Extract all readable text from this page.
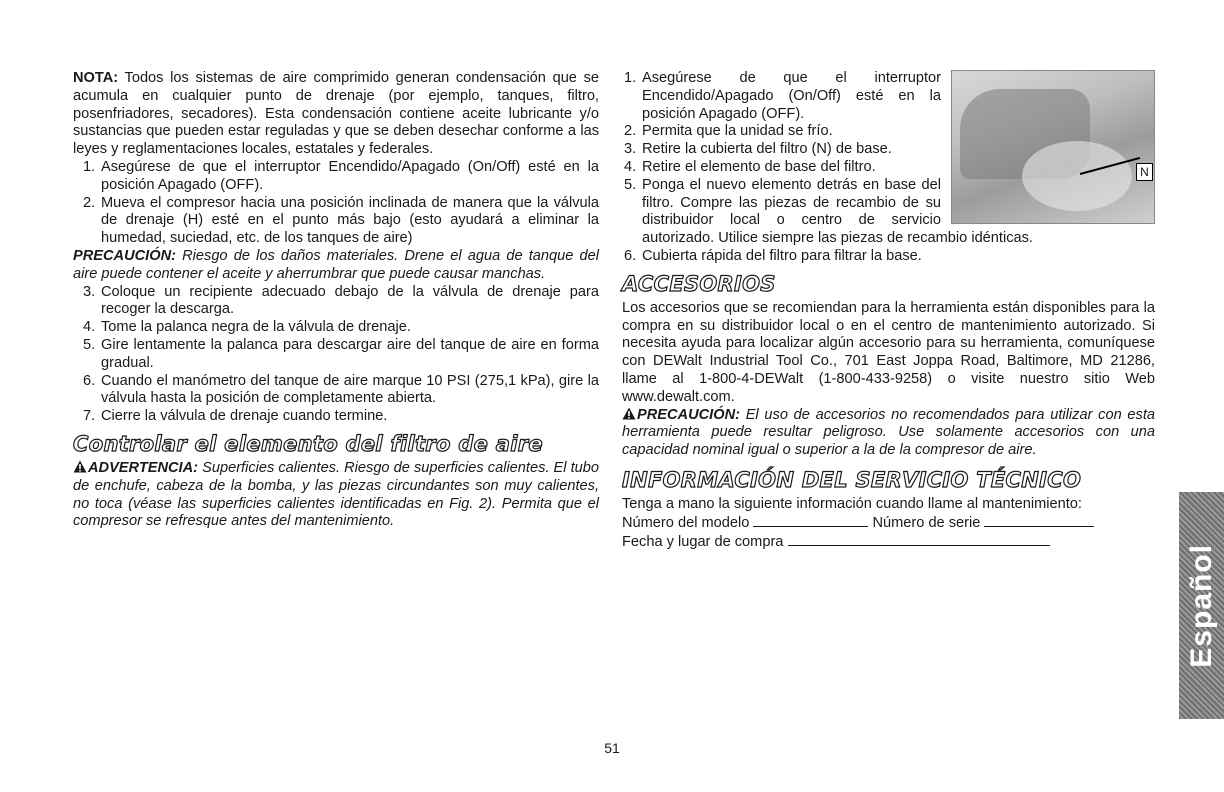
NOTA: Todos los sistemas de aire comprimido generan condensación que se acumula en cualquier punto de drenaje (por ejemplo, tanques, filtro, posenfriadores, secadores). Esta condensación contiene aceite lubricante y/o sustancias que pueden estar reguladas y que se deben desechar conforme a las leyes y reglamentaciones locales, estatales y federales.

1. Asegúrese de que el interruptor Encendido/Apagado (On/Off) esté en la posición Apagado (OFF).
2. Mueva el compresor hacia una posición inclinada de manera que la válvula de drenaje (H) esté en el punto más bajo (esto ayudará a eliminar la humedad, suciedad, etc. de los tanques de aire)

PRECAUCIÓN: Riesgo de los daños materiales. Drene el agua de tanque del aire puede contener el aceite y aherrumbrar que puede causar manchas.

3. Coloque un recipiente adecuado debajo de la válvula de drenaje para recoger la descarga.
4. Tome la palanca negra de la válvula de drenaje.
5. Gire lentamente la palanca para descargar aire del tanque de aire en forma gradual.
6. Cuando el manómetro del tanque de aire marque 10 PSI (275,1 kPa), gire la válvula hasta la posición de completamente abierta.
7. Cierre la válvula de drenaje cuando termine.
Controlar el elemento del filtro de aire

ADVERTENCIA: Superficies calientes. Riesgo de superficies calientes. El tubo de enchufe, cabeza de la bomba, y las piezas circundantes son muy calientes, no toca (véase las superficies calientes identificadas en Fig. 2). Permita que el compresor se refresque antes del mantenimiento.

N
1. Asegúrese de que el interruptor Encendido/Apagado (On/Off) esté en la posición Apagado (OFF).
2. Permita que la unidad se frío.
3. Retire la cubierta del filtro (N) de base.
4. Retire el elemento de base del filtro.
5. Ponga el nuevo elemento detrás en base del filtro. Compre las piezas de recambio de su distribuidor local o centro de servicio autorizado. Utilice siempre las piezas de recambio idénticas.
6. Cubierta rápida del filtro para filtrar la base.
ACCESORIOS

Los accesorios que se recomiendan para la herramienta están disponibles para la compra en su distribuidor local o en el centro de mantenimiento autorizado. Si necesita ayuda para localizar algún accesorio para su herramienta, comuníquese con DEWalt Industrial Tool Co., 701 East Joppa Road, Baltimore, MD 21286, llame al 1-800-4-DEWalt (1-800-433-9258) o visite nuestro sitio Web www.dewalt.com.

PRECAUCIÓN: El uso de accesorios no recomendados para utilizar con esta herramienta puede resultar peligroso. Use solamente accesorios con una capacidad nominal igual o superior a la de la compresor de aire.

INFORMACIÓN DEL SERVICIO TÉCNICO

Tenga a mano la siguiente información cuando llame al mantenimiento:

Número del modelo	Número de serie

Fecha y lugar de compra

Español
51
